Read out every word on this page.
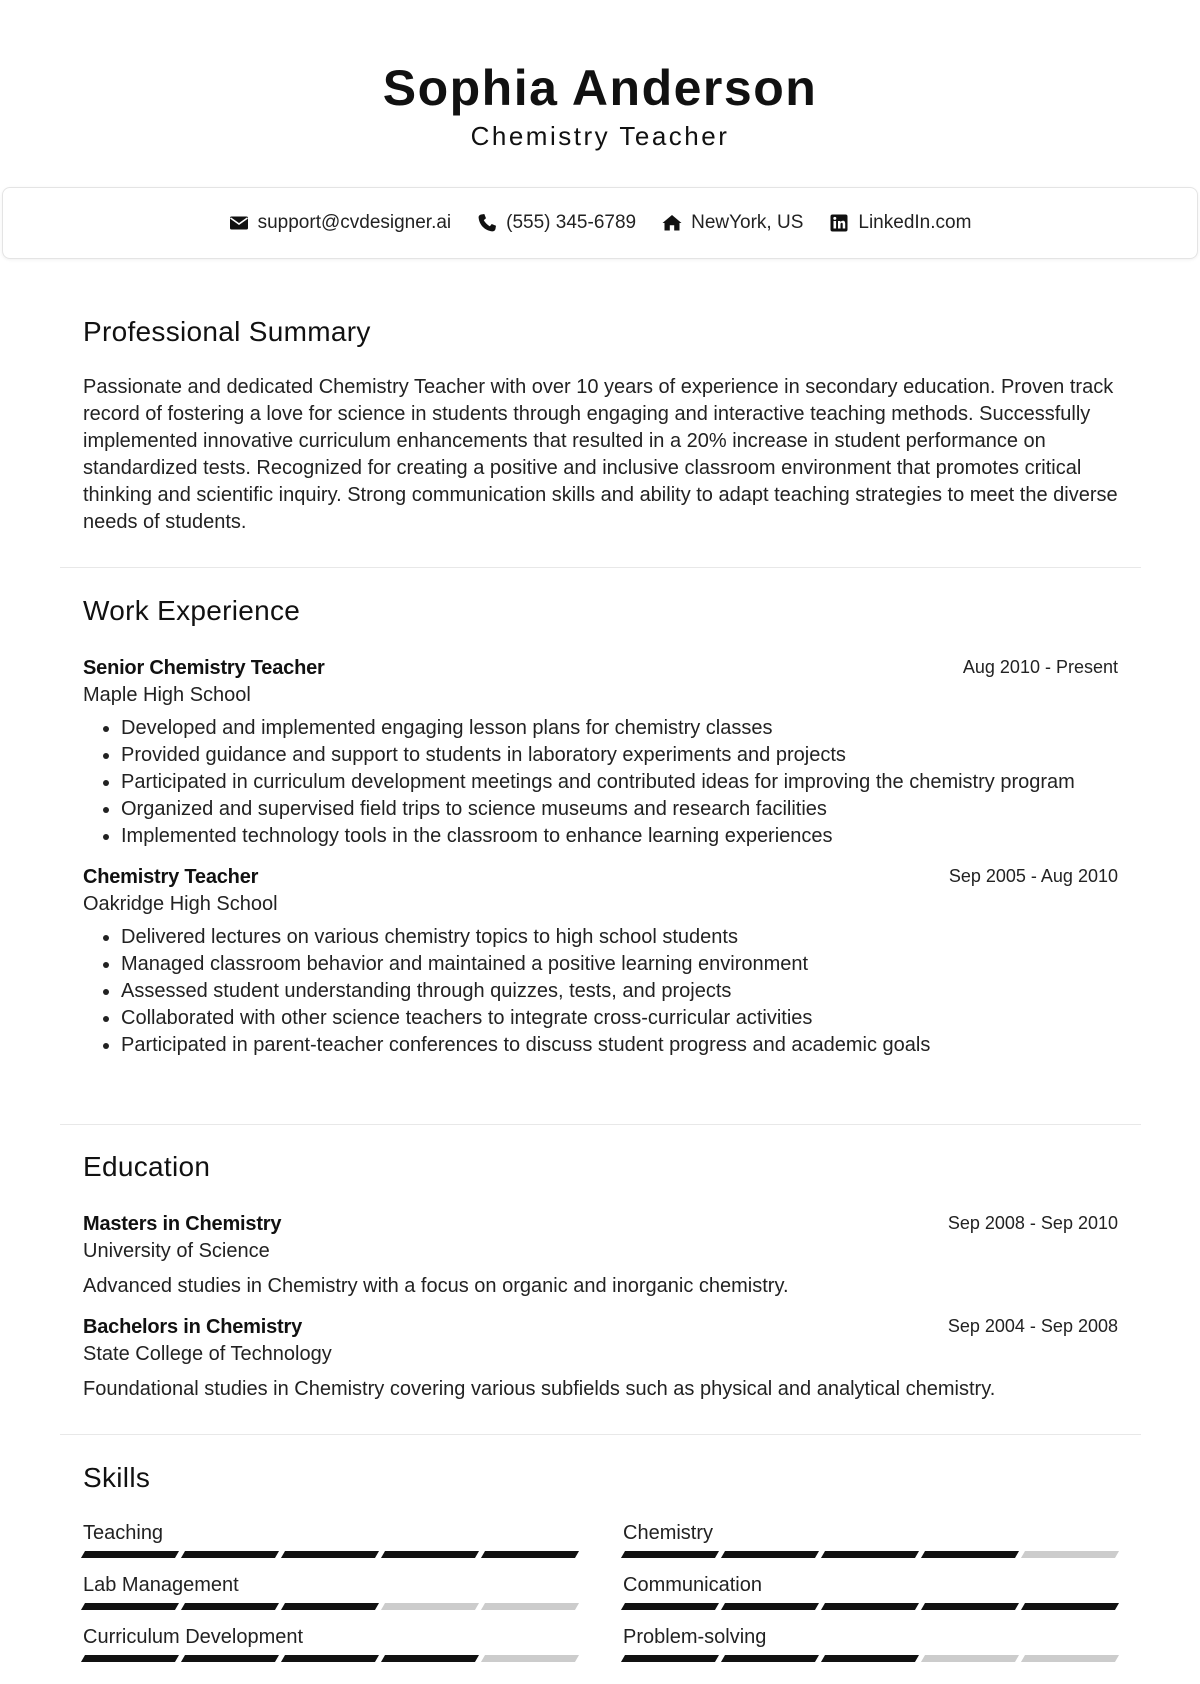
Sophia Anderson
Chemistry Teacher
support@cvdesigner.ai	(555) 345-6789	NewYork, US	LinkedIn.com
Professional Summary

Passionate and dedicated Chemistry Teacher with over 10 years of experience in secondary education. Proven track record of fostering a love for science in students through engaging and interactive teaching methods. Successfully implemented innovative curriculum enhancements that resulted in a 20% increase in student performance on standardized tests. Recognized for creating a positive and inclusive classroom environment that promotes critical thinking and scientific inquiry. Strong communication skills and ability to adapt teaching strategies to meet the diverse needs of students.

Work Experience
Senior Chemistry Teacher	Aug 2010 - Present
Maple High School
• Developed and implemented engaging lesson plans for chemistry classes
• Provided guidance and support to students in laboratory experiments and projects
• Participated in curriculum development meetings and contributed ideas for improving the chemistry program
• Organized and supervised field trips to science museums and research facilities
• Implemented technology tools in the classroom to enhance learning experiences
Chemistry Teacher	Sep 2005 - Aug 2010
Oakridge High School
• Delivered lectures on various chemistry topics to high school students
• Managed classroom behavior and maintained a positive learning environment
• Assessed student understanding through quizzes, tests, and projects
• Collaborated with other science teachers to integrate cross-curricular activities
• Participated in parent-teacher conferences to discuss student progress and academic goals
Education
Masters in Chemistry	Sep 2008 - Sep 2010
University of Science
Advanced studies in Chemistry with a focus on organic and inorganic chemistry.
Bachelors in Chemistry	Sep 2004 - Sep 2008
State College of Technology
Foundational studies in Chemistry covering various subfields such as physical and analytical chemistry.
Skills
Teaching	Chemistry
Lab Management	Communication
Curriculum Development	Problem-solving
